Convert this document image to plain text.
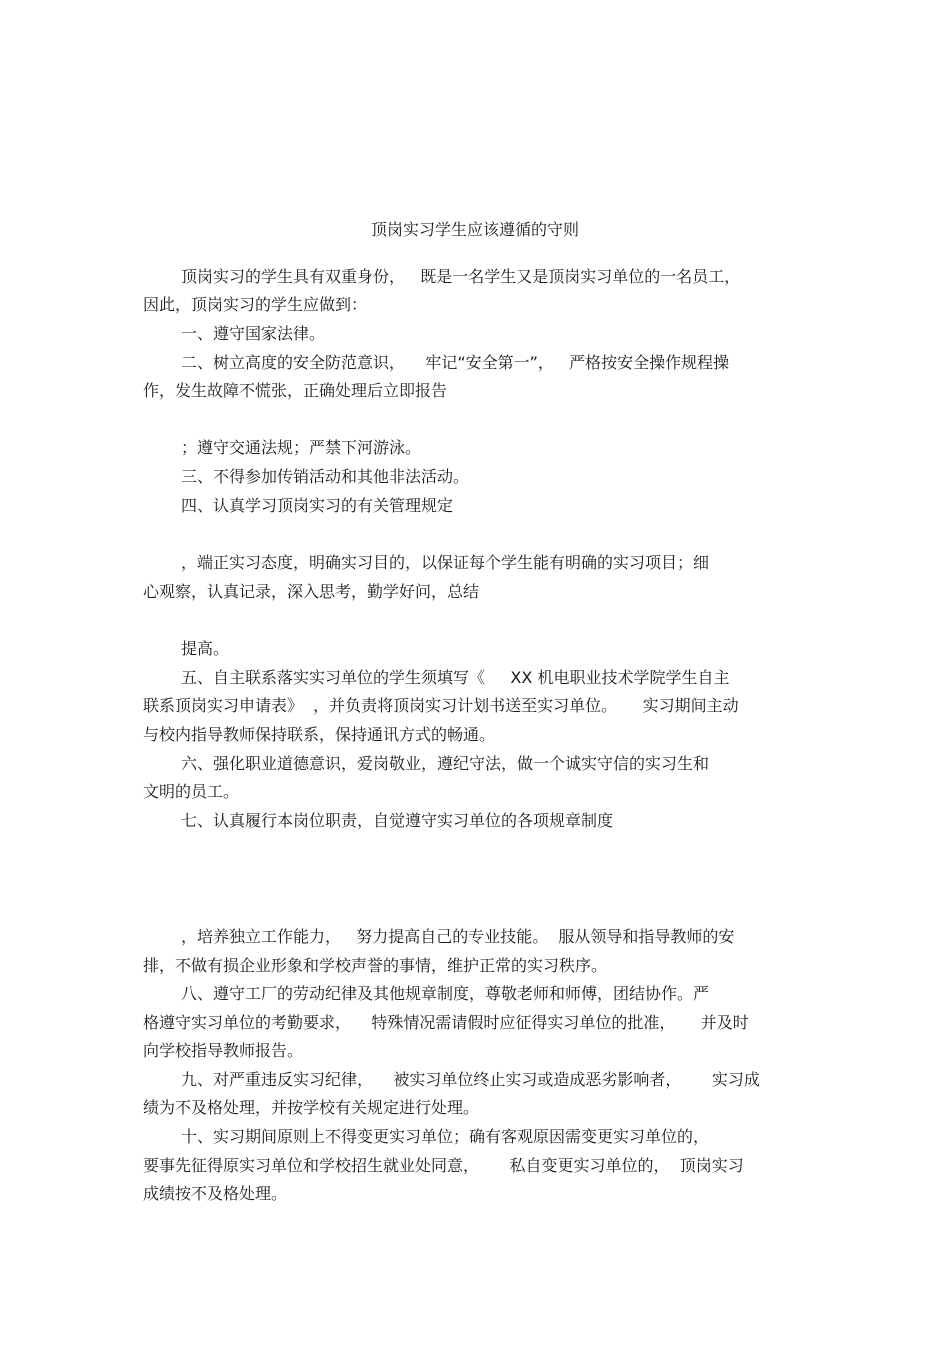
顶岗实习学生应该遵循的守则
顶岗实习的学生具有双重身份，   既是一名学生又是顶岗实习单位的一名员工，
因此，顶岗实习的学生应做到：
一、遵守国家法律。
二、树立高度的安全防范意识，    牢记“安全第一”，   严格按安全操作规程操
作，发生故障不慌张，正确处理后立即报告
；遵守交通法规；严禁下河游泳。
三、不得参加传销活动和其他非法活动。
四、认真学习顶岗实习的有关管理规定
，端正实习态度，明确实习目的，以保证每个学生能有明确的实习项目；细
心观察，认真记录，深入思考，勤学好问，总结
提高。
五、自主联系落实实习单位的学生须填写《     XX 机电职业技术学院学生自主
联系顶岗实习申请表》  ，并负责将顶岗实习计划书送至实习单位。     实习期间主动
与校内指导教师保持联系，保持通讯方式的畅通。
六、强化职业道德意识，爱岗敬业，遵纪守法，做一个诚实守信的实习生和
文明的员工。
七、认真履行本岗位职责，自觉遵守实习单位的各项规章制度
，培养独立工作能力，   努力提高自己的专业技能。  服从领导和指导教师的安
排，不做有损企业形象和学校声誉的事情，维护正常的实习秩序。
八、遵守工厂的劳动纪律及其他规章制度，尊敬老师和师傅，团结协作。严
格遵守实习单位的考勤要求，    特殊情况需请假时应征得实习单位的批准，     并及时
向学校指导教师报告。
九、对严重违反实习纪律，    被实习单位终止实习或造成恶劣影响者，      实习成
绩为不及格处理，并按学校有关规定进行处理。
十、实习期间原则上不得变更实习单位；确有客观原因需变更实习单位的，
要事先征得原实习单位和学校招生就业处同意，      私自变更实习单位的，  顶岗实习
成绩按不及格处理。
